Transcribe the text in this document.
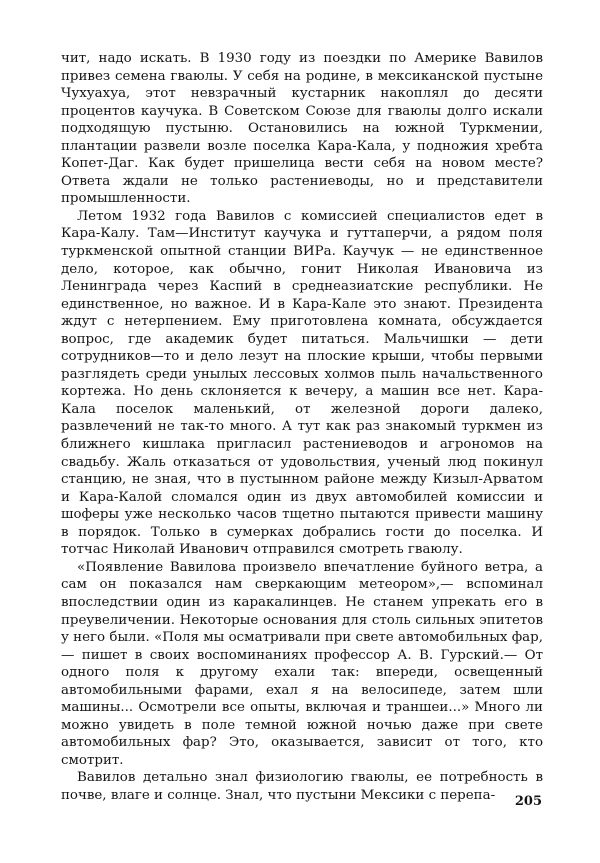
чит, надо искать. В 1930 году из поездки по Америке Вавилов привез семена гваюлы. У себя на родине, в мексиканской пустыне Чухуахуа, этот невзрачный кустарник накоплял до десяти процентов каучука. В Советском Союзе для гваюлы долго искали подходящую пустыню. Остановились на южной Туркмении, плантации развели возле поселка Кара-Кала, у подножия хребта Копет-Даг. Как будет пришелица вести себя на новом месте? Ответа ждали не только растениеводы, но и представители промышленности.

Летом 1932 года Вавилов с комиссией специалистов едет в Кара-Калу. Там—Институт каучука и гуттаперчи, а рядом поля туркменской опытной станции ВИРа. Каучук — не единственное дело, которое, как обычно, гонит Николая Ивановича из Ленинграда через Каспий в среднеазиатские республики. Не единственное, но важное. И в Кара-Кале это знают. Президента ждут с нетерпением. Ему приготовлена комната, обсуждается вопрос, где академик будет питаться. Мальчишки — дети сотрудников—то и дело лезут на плоские крыши, чтобы первыми разглядеть среди унылых лессовых холмов пыль начальственного кортежа. Но день склоняется к вечеру, а машин все нет. Кара-Кала поселок маленький, от железной дороги далеко, развлечений не так-то много. А тут как раз знакомый туркмен из ближнего кишлака пригласил растениеводов и агрономов на свадьбу. Жаль отказаться от удовольствия, ученый люд покинул станцию, не зная, что в пустынном районе между Кизыл-Арватом и Кара-Калой сломался один из двух автомобилей комиссии и шоферы уже несколько часов тщетно пытаются привести машину в порядок. Только в сумерках добрались гости до поселка. И тотчас Николай Иванович отправился смотреть гваюлу.

«Появление Вавилова произвело впечатление буйного ветра, а сам он показался нам сверкающим метеором»,— вспоминал впоследствии один из каракалинцев. Не станем упрекать его в преувеличении. Некоторые основания для столь сильных эпитетов у него были. «Поля мы осматривали при свете автомобильных фар,— пишет в своих воспоминаниях профессор А. В. Гурский.— От одного поля к другому ехали так: впереди, освещенный автомобильными фарами, ехал я на велосипеде, затем шли машины... Осмотрели все опыты, включая и траншеи...» Много ли можно увидеть в поле темной южной ночью даже при свете автомобильных фар? Это, оказывается, зависит от того, кто смотрит.

Вавилов детально знал физиологию гваюлы, ее потребность в почве, влаге и солнце. Знал, что пустыни Мексики с перепа-	205
